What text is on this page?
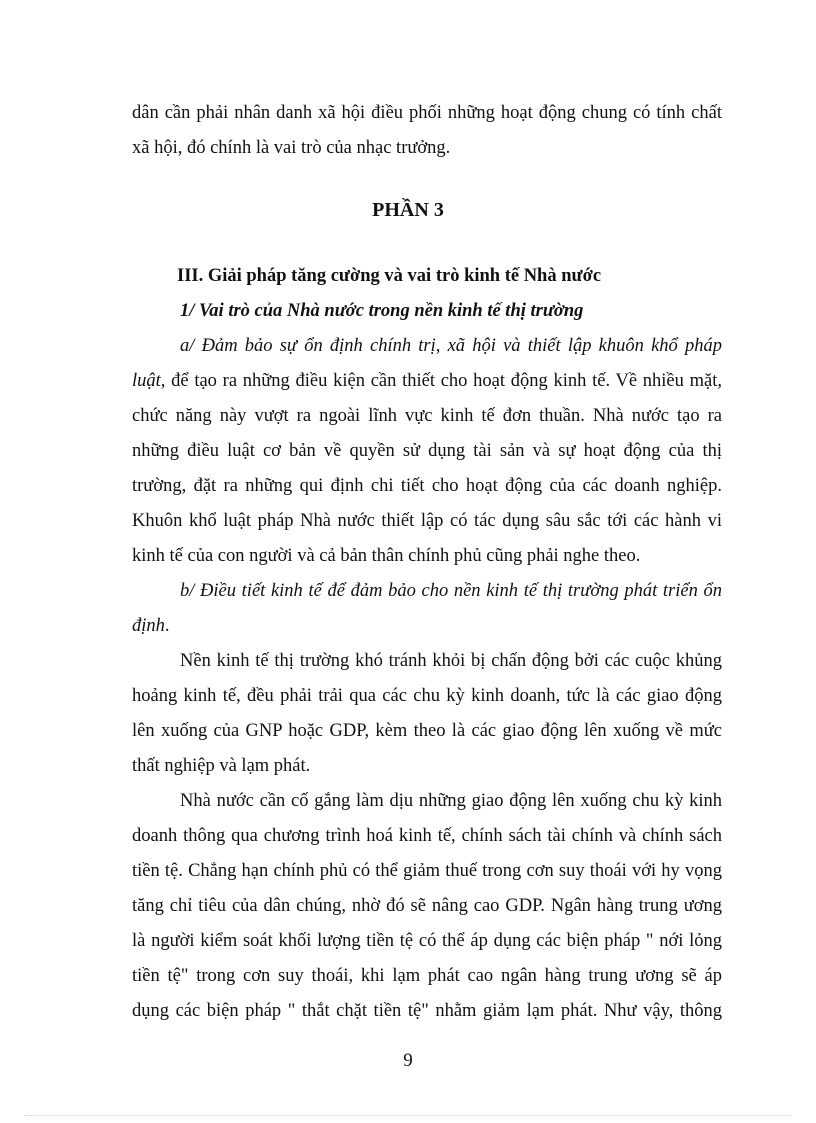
dân cần phải nhân danh xã hội điều phối những hoạt động chung có tính chất
xã hội, đó chính là vai trò của nhạc trưởng.
PHẦN 3
III. Giải pháp tăng cường và vai trò kinh tế Nhà nước
1/ Vai trò của Nhà nước trong nền kinh tế thị trường
a/ Đảm bảo sự ổn định chính trị, xã hội và thiết lập khuôn khổ pháp
luật, để tạo ra những điều kiện cần thiết cho hoạt động kinh tế. Về nhiều mặt,
chức năng này vượt ra ngoài lĩnh vực kinh tế đơn thuần. Nhà nước tạo ra
những điều luật cơ bản về quyền sử dụng tài sản và sự hoạt động của thị
trường, đặt ra những qui định chi tiết cho hoạt động của các doanh nghiệp.
Khuôn khổ luật pháp Nhà nước thiết lập có tác dụng sâu sắc tới các hành vi
kinh tế của con người và cả bản thân chính phủ cũng phải nghe theo.
b/ Điều tiết kinh tế để đảm bảo cho nền kinh tế thị trường phát triển ổn
định.
Nền kinh tế thị trường khó tránh khỏi bị chấn động bởi các cuộc khủng
hoảng kinh tế, đều phải trải qua các chu kỳ kinh doanh, tức là các giao động
lên xuống của GNP hoặc GDP, kèm theo là các giao động lên xuống về mức
thất nghiệp và lạm phát.
Nhà nước cần cố gắng làm dịu những giao động lên xuống chu kỳ kinh
doanh thông qua chương trình hoá kinh tế, chính sách tài chính và chính sách
tiền tệ. Chẳng hạn chính phủ có thể giảm thuế trong cơn suy thoái với hy vọng
tăng chỉ tiêu của dân chúng, nhờ đó sẽ nâng cao GDP. Ngân hàng trung ương
là người kiểm soát khối lượng tiền tệ có thể áp dụng các biện pháp " nới lỏng
tiền tệ" trong cơn suy thoái, khi lạm phát cao ngân hàng trung ương sẽ áp
dụng các biện pháp " thắt chặt tiền tệ" nhằm giảm lạm phát. Như vậy, thông
9
